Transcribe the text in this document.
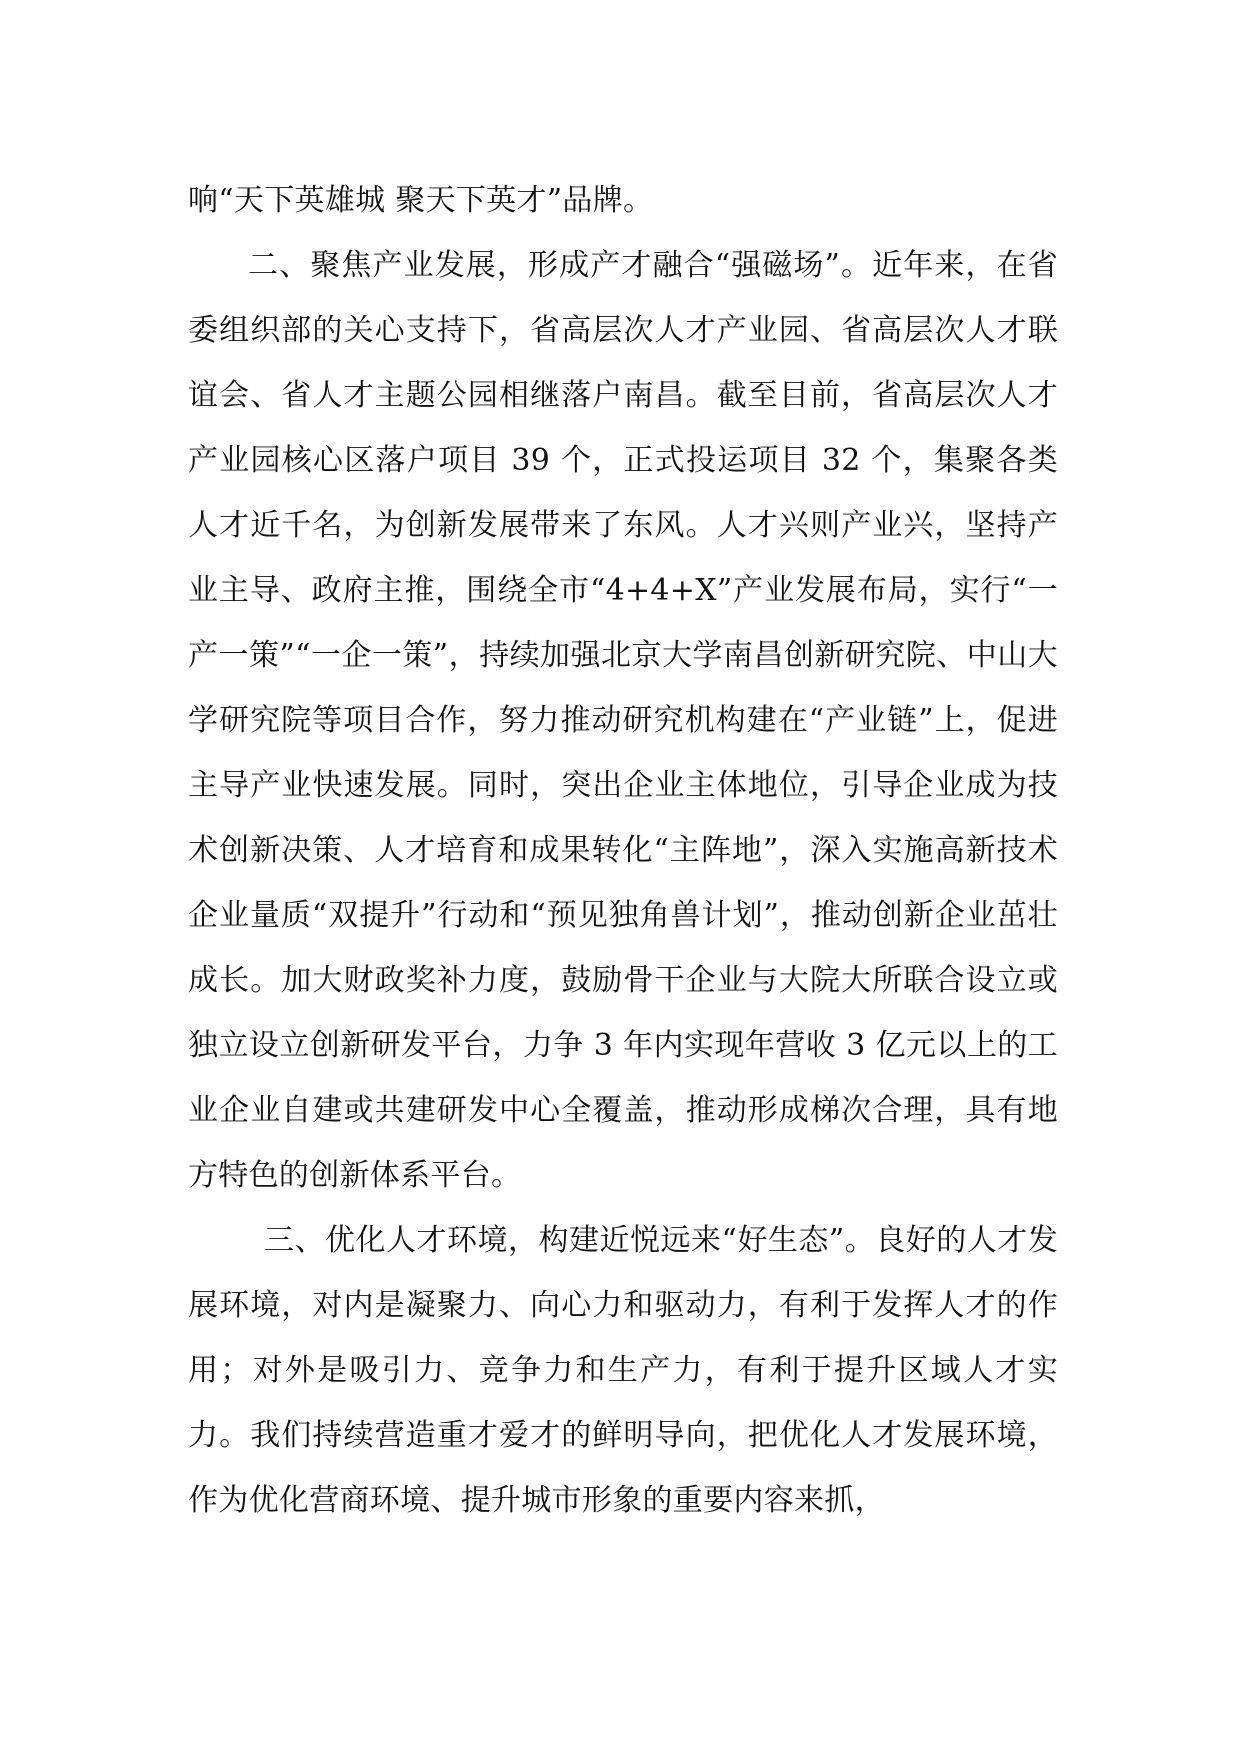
响“天下英雄城 聚天下英才”品牌。

二、聚焦产业发展，形成产才融合“强磁场”。近年来，在省委组织部的关心支持下，省高层次人才产业园、省高层次人才联谊会、省人才主题公园相继落户南昌。截至目前，省高层次人才产业园核心区落户项目 39 个，正式投运项目 32 个，集聚各类人才近千名，为创新发展带来了东风。人才兴则产业兴，坚持产业主导、政府主推，围绕全市“4+4+X”产业发展布局，实行“一产一策”“一企一策”，持续加强北京大学南昌创新研究院、中山大学研究院等项目合作，努力推动研究机构建在“产业链”上，促进主导产业快速发展。同时，突出企业主体地位，引导企业成为技术创新决策、人才培育和成果转化“主阵地”，深入实施高新技术企业量质“双提升”行动和“预见独角兽计划”，推动创新企业茁壮成长。加大财政奖补力度，鼓励骨干企业与大院大所联合设立或独立设立创新研发平台，力争 3 年内实现年营收 3 亿元以上的工业企业自建或共建研发中心全覆盖，推动形成梯次合理，具有地方特色的创新体系平台。

三、优化人才环境，构建近悦远来“好生态”。良好的人才发展环境，对内是凝聚力、向心力和驱动力，有利于发挥人才的作用；对外是吸引力、竞争力和生产力，有利于提升区域人才实力。我们持续营造重才爱才的鲜明导向，把优化人才发展环境，作为优化营商环境、提升城市形象的重要内容来抓，
